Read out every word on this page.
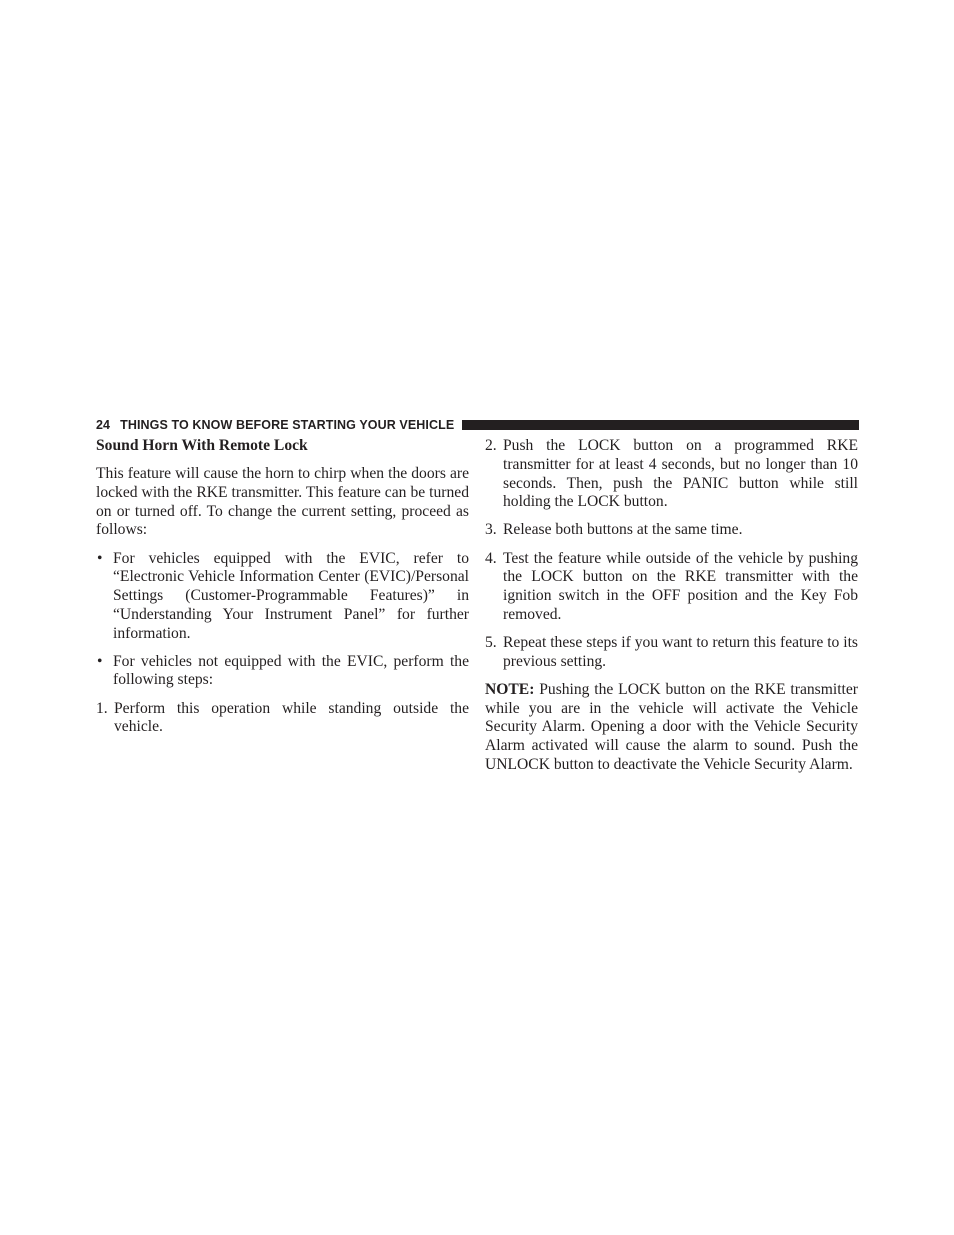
24 THINGS TO KNOW BEFORE STARTING YOUR VEHICLE
Sound Horn With Remote Lock

This feature will cause the horn to chirp when the doors are locked with the RKE transmitter. This feature can be turned on or turned off. To change the current setting, proceed as follows:

• For vehicles equipped with the EVIC, refer to “Electronic Vehicle Information Center (EVIC)/Personal Settings (Customer-Programmable Features)” in “Understanding Your Instrument Panel” for further information.
• For vehicles not equipped with the EVIC, perform the following steps:
1. Perform this operation while standing outside the vehicle.
2. Push the LOCK button on a programmed RKE transmitter for at least 4 seconds, but no longer than 10 seconds. Then, push the PANIC button while still holding the LOCK button.
3. Release both buttons at the same time.
4. Test the feature while outside of the vehicle by pushing the LOCK button on the RKE transmitter with the ignition switch in the OFF position and the Key Fob removed.
5. Repeat these steps if you want to return this feature to its previous setting.

NOTE: Pushing the LOCK button on the RKE transmitter while you are in the vehicle will activate the Vehicle Security Alarm. Opening a door with the Vehicle Security Alarm activated will cause the alarm to sound. Push the UNLOCK button to deactivate the Vehicle Security Alarm.
